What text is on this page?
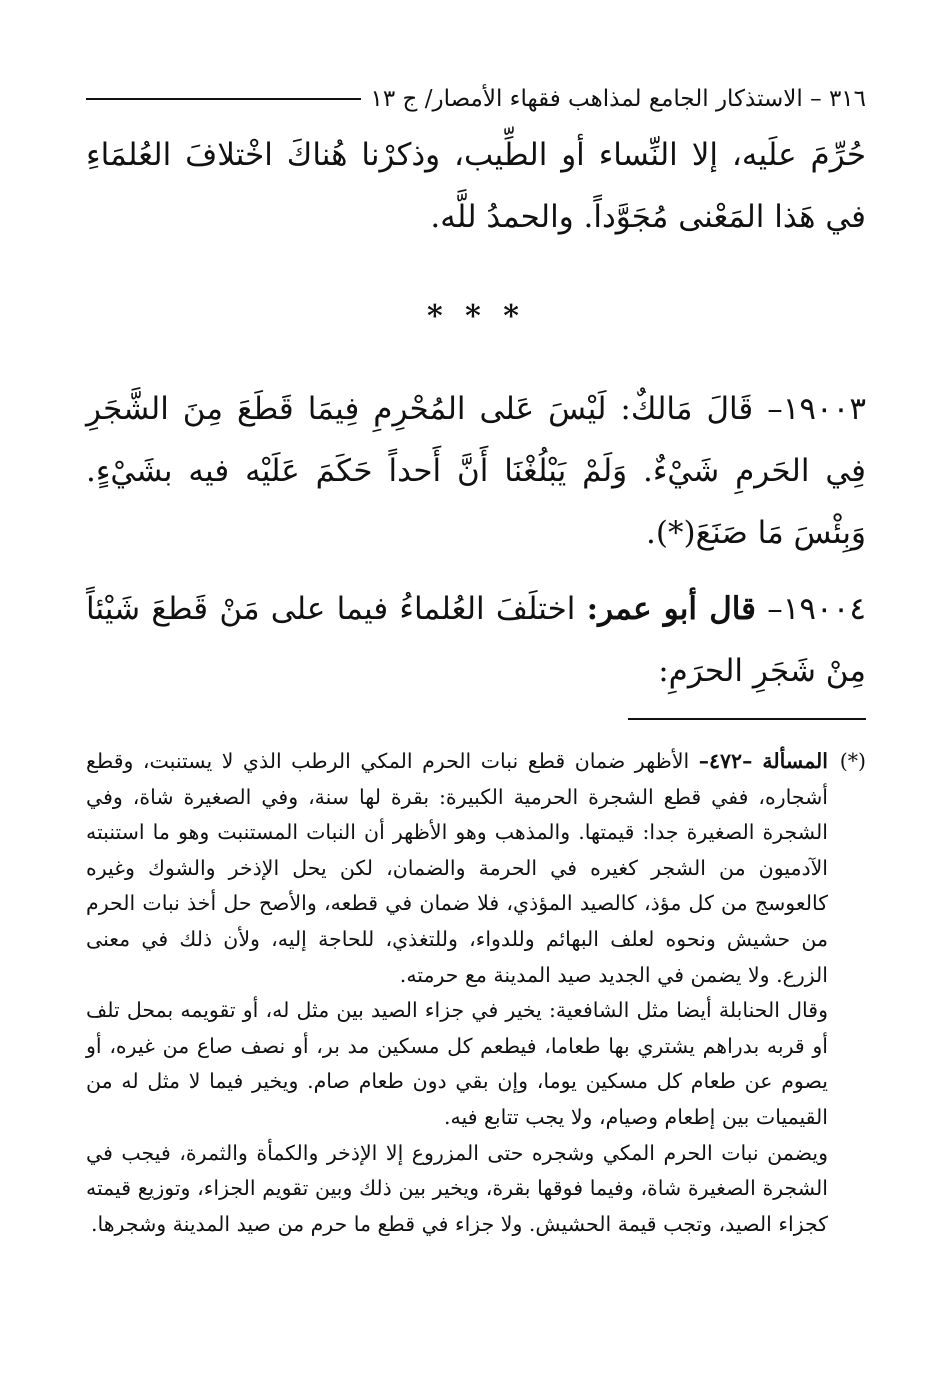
٣١٦ – الاستذكار الجامع لمذاهب فقهاء الأمصار/ ج ١٣

حُرِّمَ علَيه، إلا النِّساء أو الطِّيب، وذكرْنا هُناكَ اخْتلافَ العُلمَاءِ في هَذا المَعْنى مُجَوَّداً. والحمدُ للَّه.

* * *

١٩٠٠٣– قَالَ مَالكٌ: لَيْسَ عَلى المُحْرِمِ فِيمَا قَطَعَ مِنَ الشَّجَرِ فِي الحَرمِ شَيْءٌ. وَلَمْ يَبْلُغْنَا أَنَّ أَحداً حَكَمَ عَلَيْه فيه بشَيْءٍ. وَبِئْسَ مَا صَنَعَ(*).

١٩٠٠٤– قال أبو عمر: اختلَفَ العُلماءُ فيما على مَنْ قَطعَ شَيْئاً مِنْ شَجَرِ الحرَمِ:

(*)
المسألة –٤٧٢– الأظهر ضمان قطع نبات الحرم المكي الرطب الذي لا يستنبت، وقطع أشجاره، ففي قطع الشجرة الحرمية الكبيرة: بقرة لها سنة، وفي الصغيرة شاة، وفي الشجرة الصغيرة جدا: قيمتها. والمذهب وهو الأظهر أن النبات المستنبت وهو ما استنبته الآدميون من الشجر كغيره في الحرمة والضمان، لكن يحل الإذخر والشوك وغيره كالعوسج من كل مؤذ، كالصيد المؤذي، فلا ضمان في قطعه، والأصح حل أخذ نبات الحرم من حشيش ونحوه لعلف البهائم وللدواء، وللتغذي، للحاجة إليه، ولأن ذلك في معنى الزرع. ولا يضمن في الجديد صيد المدينة مع حرمته.

وقال الحنابلة أيضا مثل الشافعية: يخير في جزاء الصيد بين مثل له، أو تقويمه بمحل تلف أو قربه بدراهم يشتري بها طعاما، فيطعم كل مسكين مد بر، أو نصف صاع من غيره، أو يصوم عن طعام كل مسكين يوما، وإن بقي دون طعام صام. ويخير فيما لا مثل له من القيميات بين إطعام وصيام، ولا يجب تتابع فيه.

ويضمن نبات الحرم المكي وشجره حتى المزروع إلا الإذخر والكمأة والثمرة، فيجب في الشجرة الصغيرة شاة، وفيما فوقها بقرة، ويخير بين ذلك وبين تقويم الجزاء، وتوزيع قيمته كجزاء الصيد، وتجب قيمة الحشيش. ولا جزاء في قطع ما حرم من صيد المدينة وشجرها.
